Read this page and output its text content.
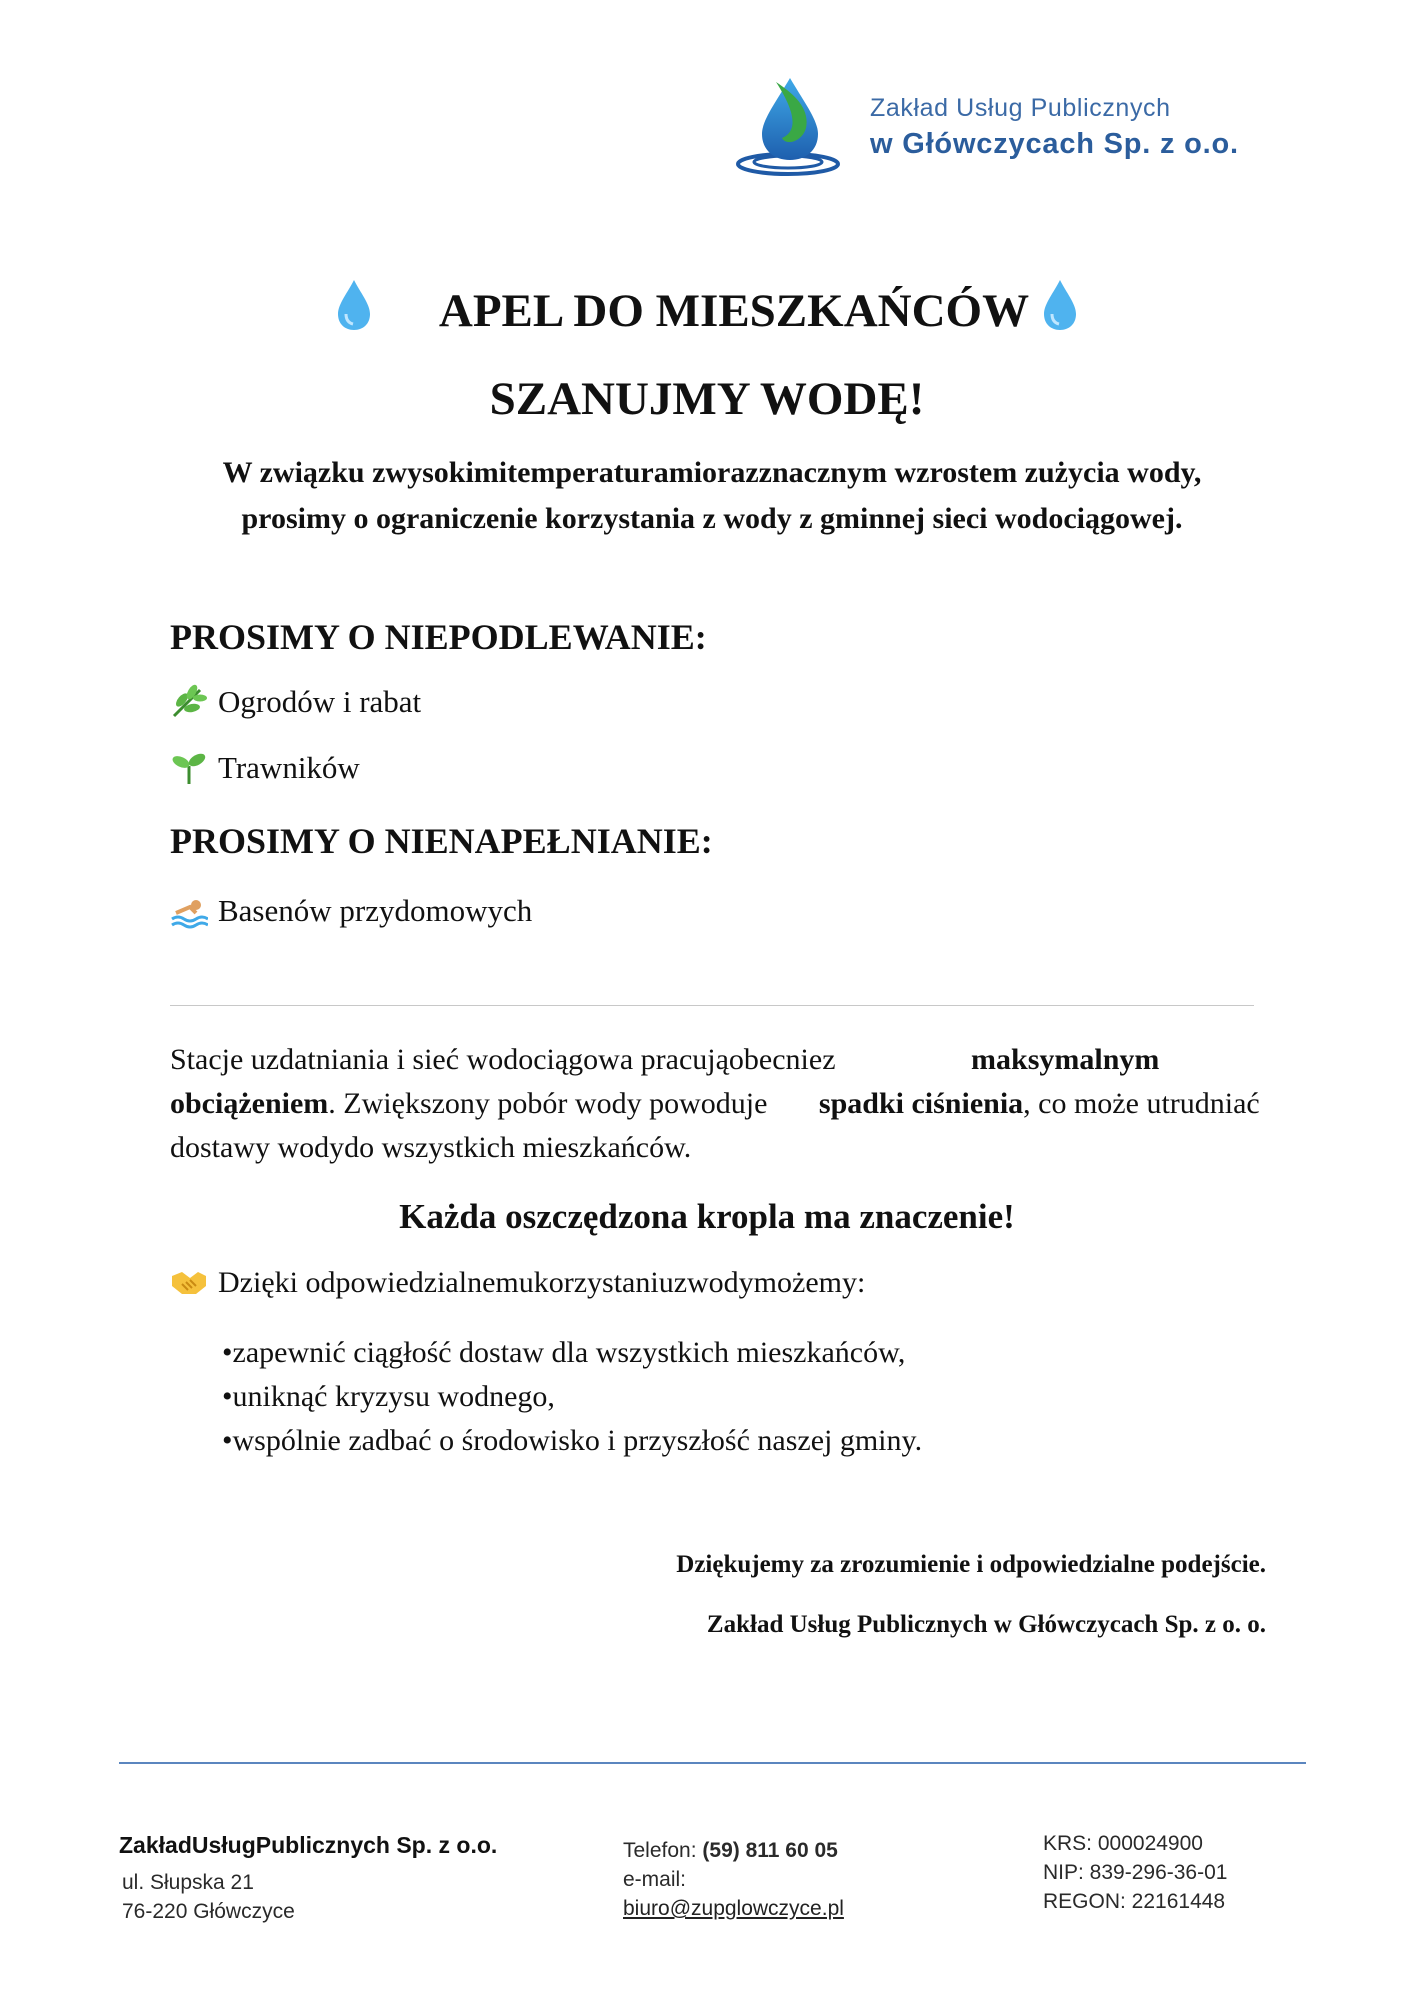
Zakład Usług Publicznych
w Główczycach Sp. z o.o.
APEL DO MIESZKAŃCÓW
SZANUJMY WODĘ!
W związku zwysokimitemperaturamiorazznacznym wzrostem zużycia wody, prosimy o ograniczenie korzystania z wody z gminnej sieci wodociągowej.
PROSIMY O NIEPODLEWANIE:
Ogrodów i rabat
Trawników
PROSIMY O NIENAPEŁNIANIE:
Basenów przydomowych
Stacje uzdatniania i sieć wodociągowa pracująobecniez	maksymalnym obciążeniem. Zwiększony pobór wody powoduje spadki ciśnienia, co może utrudniać dostawy wodydo wszystkich mieszkańców.
Każda oszczędzona kropla ma znaczenie!
Dzięki odpowiedzialnemukorzystaniuzwodymożemy:
•zapewnić ciągłość dostaw dla wszystkich mieszkańców,
•uniknąć kryzysu wodnego,
•wspólnie zadbać o środowisko i przyszłość naszej gminy.
Dziękujemy za zrozumienie i odpowiedzialne podejście.
Zakład Usług Publicznych w Główczycach Sp. z o. o.
ZakładUsługPublicznych Sp. z o.o.
ul. Słupska 21
76-220 Główczyce
Telefon: (59) 811 60 05
e-mail:
biuro@zupglowczyce.pl
KRS: 000024900
NIP: 839-296-36-01
REGON: 22161448
